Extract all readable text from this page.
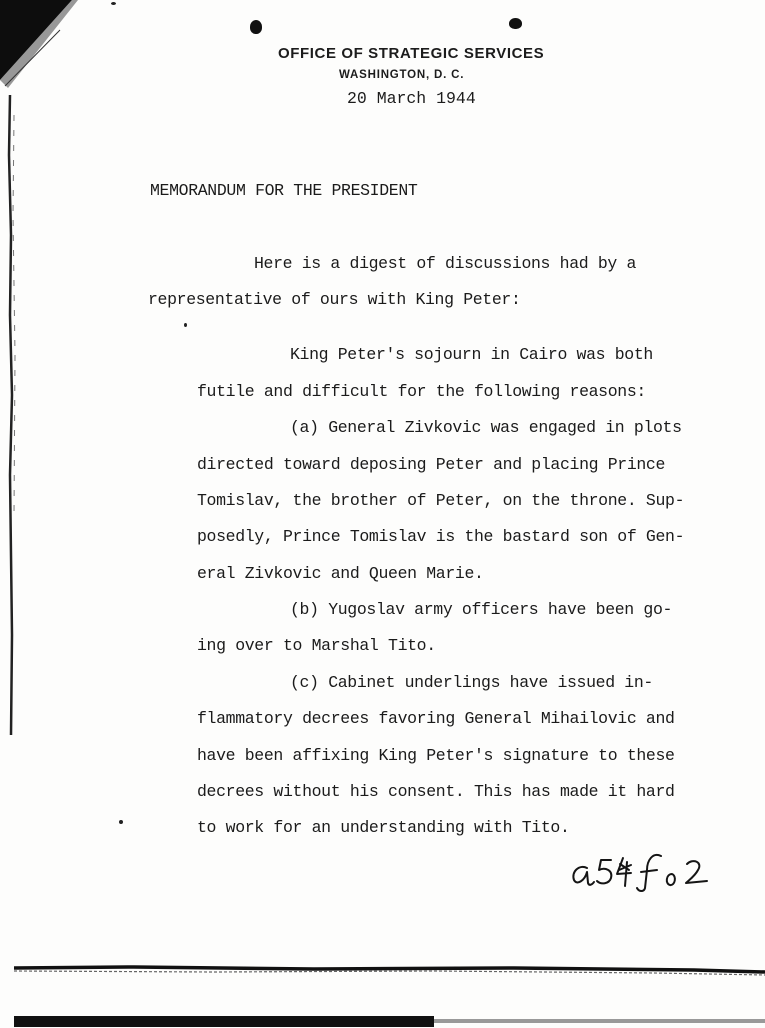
OFFICE OF STRATEGIC SERVICES
WASHINGTON, D. C.
20 March 1944
MEMORANDUM FOR THE PRESIDENT
Here is a digest of discussions had by a
representative of ours with King Peter:
King Peter's sojourn in Cairo was both
futile and difficult for the following reasons:
(a) General Zivkovic was engaged in plots
directed toward deposing Peter and placing Prince
Tomislav, the brother of Peter, on the throne. Sup-
posedly, Prince Tomislav is the bastard son of Gen-
eral Zivkovic and Queen Marie.
(b) Yugoslav army officers have been go-
ing over to Marshal Tito.
(c) Cabinet underlings have issued in-
flammatory decrees favoring General Mihailovic and
have been affixing King Peter's signature to these
decrees without his consent. This has made it hard
to work for an understanding with Tito.
